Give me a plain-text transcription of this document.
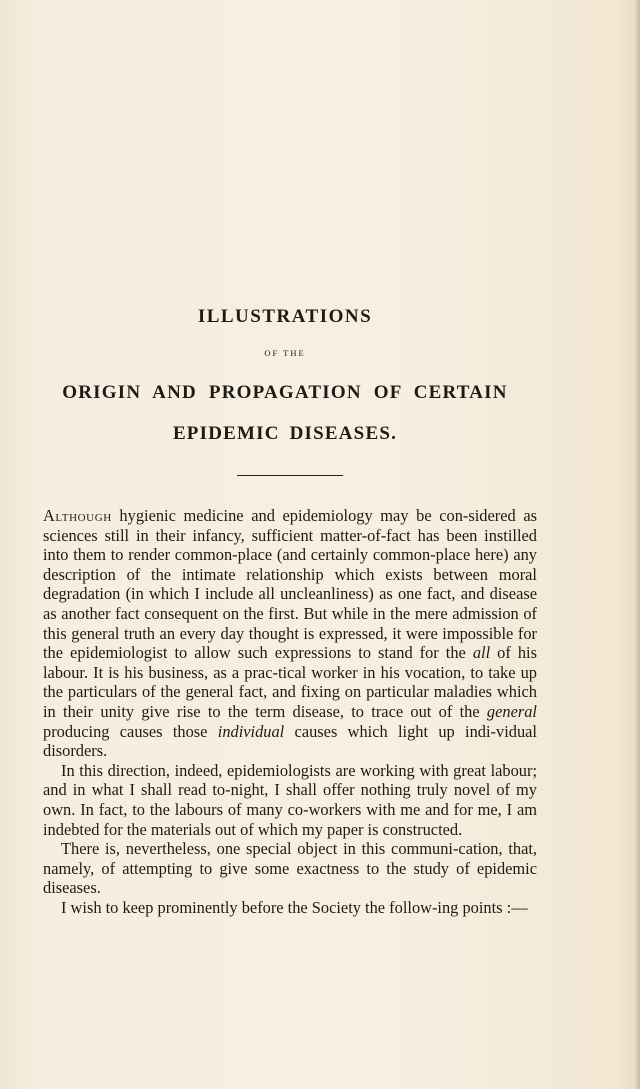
ILLUSTRATIONS
OF THE
ORIGIN AND PROPAGATION OF CERTAIN
EPIDEMIC DISEASES.

Although hygienic medicine and epidemiology may be con-sidered as sciences still in their infancy, sufficient matter-of-fact has been instilled into them to render common-place (and certainly common-place here) any description of the intimate relationship which exists between moral degradation (in which I include all uncleanliness) as one fact, and disease as another fact consequent on the first. But while in the mere admission of this general truth an every day thought is expressed, it were impossible for the epidemiologist to allow such expressions to stand for the all of his labour. It is his business, as a prac-tical worker in his vocation, to take up the particulars of the general fact, and fixing on particular maladies which in their unity give rise to the term disease, to trace out of the general producing causes those individual causes which light up indi-vidual disorders.

In this direction, indeed, epidemiologists are working with great labour; and in what I shall read to-night, I shall offer nothing truly novel of my own. In fact, to the labours of many co-workers with me and for me, I am indebted for the materials out of which my paper is constructed.

There is, nevertheless, one special object in this communi-cation, that, namely, of attempting to give some exactness to the study of epidemic diseases.

I wish to keep prominently before the Society the follow-ing points :—
